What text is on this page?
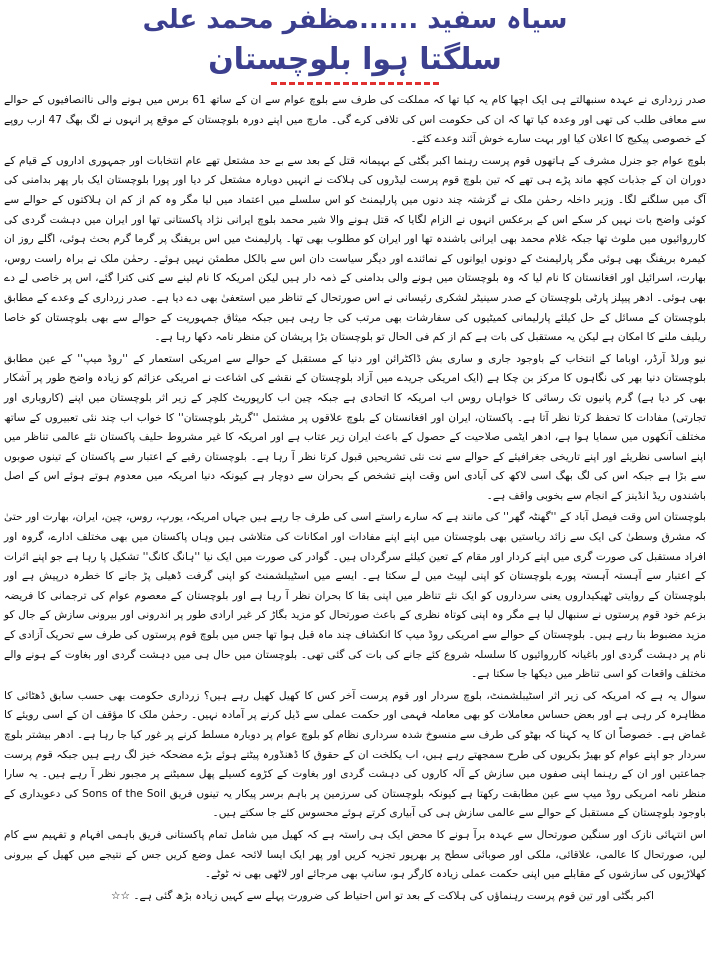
سیاہ سفید ......مظفر محمد علی
سلگتا ہوا بلوچستان

صدر زرداری نے عہدہ سنبھالتے ہی ایک اچھا کام یہ کیا تھا کہ مملکت کی طرف سے بلوچ عوام سے ان کے ساتھ 61 برس میں ہونے والی ناانصافیوں کے حوالے سے معافی طلب کی تھی اور وعدہ کیا تھا کہ ان کی حکومت اس کی تلافی کرے گی۔ مارچ میں اپنے دورہ بلوچستان کے موقع پر انہوں نے لگ بھگ 47 ارب روپے کے خصوصی پیکیج کا اعلان کیا اور بہت سارے خوش آئند وعدے کئے۔

بلوچ عوام جو جنرل مشرف کے ہاتھوں قوم پرست رہنما اکبر بگٹی کے بہیمانہ قتل کے بعد سے بے حد مشتعل تھے عام انتخابات اور جمہوری اداروں کے قیام کے دوران ان کے جذبات کچھ ماند پڑے ہی تھے کہ تین بلوچ قوم پرست لیڈروں کی ہلاکت نے انہیں دوبارہ مشتعل کر دیا اور پورا بلوچستان ایک بار پھر بدامنی کی آگ میں سلگنے لگا۔ وزیر داخلہ رحمٰن ملک نے گزشتہ چند دنوں میں پارلیمنٹ کو اس سلسلے میں اعتماد میں لیا مگر وہ کم از کم ان ہلاکتوں کے حوالے سے کوئی واضح بات نہیں کر سکے اس کے برعکس انہوں نے الزام لگایا کہ قتل ہونے والا شیر محمد بلوچ ایرانی نژاد پاکستانی تھا اور ایران میں دہشت گردی کی کارروائیوں میں ملوث تھا جبکہ غلام محمد بھی ایرانی باشندہ تھا اور ایران کو مطلوب بھی تھا۔ پارلیمنٹ میں اس بریفنگ پر گرما گرم بحث ہوئی، اگلے روز ان کیمرہ بریفنگ بھی ہوئی مگر پارلیمنٹ کے دونوں ایوانوں کے نمائندے اور دیگر سیاست دان اس سے بالکل مطمئن نہیں ہوئے۔ رحمٰن ملک نے براہ راست روس، بھارت، اسرائیل اور افغانستان کا نام لیا کہ وہ بلوچستان میں ہونے والی بدامنی کے ذمہ دار ہیں لیکن امریکہ کا نام لینے سے کنی کترا گئے، اس پر خاصی لے دے بھی ہوئی۔ ادھر پیپلز پارٹی بلوچستان کے صدر سینیٹر لشکری رئیسانی نے اس صورتحال کے تناظر میں استعفیٰ بھی دے دیا ہے۔ صدر زرداری کے وعدے کے مطابق بلوچستان کے مسائل کے حل کیلئے پارلیمانی کمیٹیوں کی سفارشات بھی مرتب کی جا رہی ہیں جبکہ میثاق جمہوریت کے حوالے سے بھی بلوچستان کو خاصا ریلیف ملنے کا امکان ہے لیکن یہ مستقبل کی بات ہے کم از کم فی الحال تو بلوچستان بڑا پریشان کن منظر نامہ دکھا رہا ہے۔

نیو ورلڈ آرڈر، اوباما کے انتخاب کے باوجود جاری و ساری بش ڈاکٹرائن اور دنیا کے مستقبل کے حوالے سے امریکی استعمار کے ''روڈ میپ'' کے عین مطابق بلوچستان دنیا بھر کی نگاہوں کا مرکز بن چکا ہے (ایک امریکی جریدے میں آزاد بلوچستان کے نقشے کی اشاعت نے امریکی عزائم کو زیادہ واضح طور پر آشکار بھی کر دیا ہے) گرم پانیوں تک رسائی کا خواہاں روس اب امریکہ کا اتحادی ہے جبکہ چین اب کارپوریٹ کلچر کے زیر اثر بلوچستان میں اپنے (کاروباری اور تجارتی) مفادات کا تحفظ کرتا نظر آتا ہے۔ پاکستان، ایران اور افغانستان کے بلوچ علاقوں پر مشتمل ''گریٹر بلوچستان'' کا خواب اب چند نئی تعبیروں کے ساتھ مختلف آنکھوں میں سمایا ہوا ہے، ادھر ایٹمی صلاحیت کے حصول کے باعث ایران زیر عتاب ہے اور امریکہ کا غیر مشروط حلیف پاکستان نئے عالمی تناظر میں اپنے اساسی نظریئے اور اپنے تاریخی جغرافیئے کے حوالے سے نت نئی تشریحیں قبول کرتا نظر آ رہا ہے۔ بلوچستان رقبے کے اعتبار سے پاکستان کے تینوں صوبوں سے بڑا ہے جبکہ اس کی لگ بھگ اسی لاکھ کی آبادی اس وقت اپنے تشخص کے بحران سے دوچار ہے کیونکہ دنیا امریکہ میں معدوم ہوتے ہوئے اس کے اصل باشندوں ریڈ انڈینز کے انجام سے بخوبی واقف ہے۔

بلوچستان اس وقت فیصل آباد کے ''گھنٹہ گھر'' کی مانند ہے کہ سارے راستے اسی کی طرف جا رہے ہیں جہاں امریکہ، یورپ، روس، چین، ایران، بھارت اور حتیٰ کہ مشرق وسطیٰ کی ایک سے زائد ریاستیں بھی بلوچستان میں اپنے اپنے مفادات اور امکانات کی متلاشی ہیں وہاں پاکستان میں بھی مختلف ادارے، گروہ اور افراد مستقبل کی صورت گری میں اپنے کردار اور مقام کے تعین کیلئے سرگرداں ہیں۔ گوادر کی صورت میں ایک نیا ''ہانگ کانگ'' تشکیل پا رہا ہے جو اپنے اثرات کے اعتبار سے آہستہ آہستہ پورے بلوچستان کو اپنی لپیٹ میں لے سکتا ہے۔ ایسے میں اسٹیبلشمنٹ کو اپنی گرفت ڈھیلی پڑ جانے کا خطرہ درپیش ہے اور بلوچستان کے روایتی ٹھیکیداروں یعنی سرداروں کو ایک نئے تناظر میں اپنی بقا کا بحران نظر آ رہا ہے اور بلوچستان کے معصوم عوام کی ترجمانی کا فریضہ بزعم خود قوم پرستوں نے سنبھال لیا ہے مگر وہ اپنی کوتاہ نظری کے باعث صورتحال کو مزید بگاڑ کر غیر ارادی طور پر اندرونی اور بیرونی سازش کے جال کو مزید مضبوط بنا رہے ہیں۔ بلوچستان کے حوالے سے امریکی روڈ میپ کا انکشاف چند ماہ قبل ہوا تھا جس میں بلوچ قوم پرستوں کی طرف سے تحریک آزادی کے نام پر دہشت گردی اور باغیانہ کارروائیوں کا سلسلہ شروع کئے جانے کی بات کی گئی تھی۔ بلوچستان میں حال ہی میں دہشت گردی اور بغاوت کے ہونے والے مختلف واقعات کو اسی تناظر میں دیکھا جا سکتا ہے۔

سوال یہ ہے کہ امریکہ کی زیر اثر اسٹیبلشمنٹ، بلوچ سردار اور قوم پرست آخر کس کا کھیل کھیل رہے ہیں؟ زرداری حکومت بھی حسب سابق ڈھٹائی کا مظاہرہ کر رہی ہے اور بعض حساس معاملات کو بھی معاملہ فہمی اور حکمت عملی سے ڈیل کرنے پر آمادہ نہیں۔ رحمٰن ملک کا مؤقف ان کے اسی رویئے کا غماض ہے۔ خصوصاً ان کا یہ کہنا کہ بھٹو کی طرف سے منسوخ شدہ سرداری نظام کو بلوچ عوام پر دوبارہ مسلط کرنے پر غور کیا جا رہا ہے۔ ادھر بیشتر بلوچ سردار جو اپنے عوام کو بھیڑ بکریوں کی طرح سمجھتے رہے ہیں، اب یکلخت ان کے حقوق کا ڈھنڈورہ پیٹتے ہوئے بڑے مضحکہ خیز لگ رہے ہیں جبکہ قوم پرست جماعتیں اور ان کے رہنما اپنی صفوں میں سازش کے آلہ کاروں کی دہشت گردی اور بغاوت کے کڑوے کسیلے پھل سمیٹنے پر مجبور نظر آ رہے ہیں۔ یہ سارا منظر نامہ امریکی روڈ میپ سے عین مطابقت رکھتا ہے کیونکہ بلوچستان کی سرزمین پر باہم برسر پیکار یہ تینوں فریق Sons of the Soil کی دعویداری کے باوجود بلوچستان کے مستقبل کے حوالے سے عالمی سازش ہی کی آبیاری کرتے ہوئے محسوس کئے جا سکتے ہیں۔

اس انتہائی نازک اور سنگین صورتحال سے عہدہ برآ ہونے کا محض ایک ہی راستہ ہے کہ کھیل میں شامل تمام پاکستانی فریق باہمی افہام و تفہیم سے کام لیں، صورتحال کا عالمی، علاقائی، ملکی اور صوبائی سطح پر بھرپور تجزیہ کریں اور پھر ایک ایسا لائحہ عمل وضع کریں جس کے نتیجے میں کھیل کے بیرونی کھلاڑیوں کی سازشوں کے مقابلے میں اپنی حکمت عملی زیادہ کارگر ہو، سانپ بھی مرجائے اور لاٹھی بھی نہ ٹوٹے۔

اکبر بگٹی اور تین قوم پرست رہنماؤں کی ہلاکت کے بعد تو اس احتیاط کی ضرورت پہلے سے کہیں زیادہ بڑھ گئی ہے۔ ☆☆
